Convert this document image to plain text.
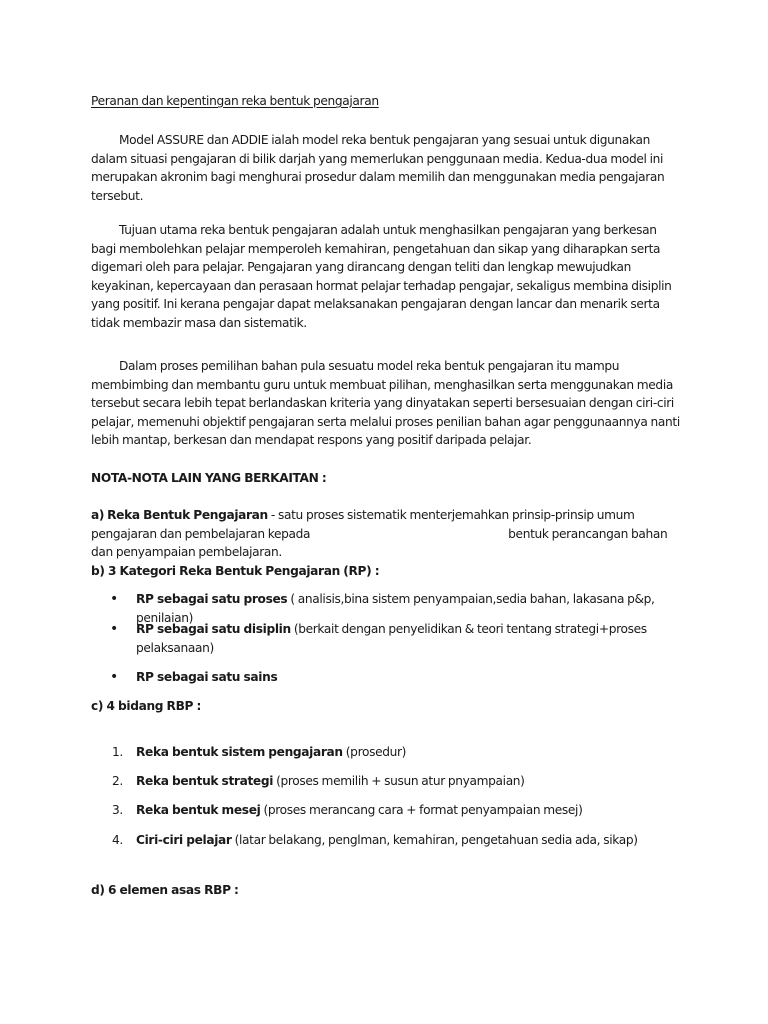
Peranan dan kepentingan reka bentuk pengajaran
Model ASSURE dan ADDIE ialah model reka bentuk pengajaran yang sesuai untuk digunakan dalam situasi pengajaran di bilik darjah yang memerlukan penggunaan media. Kedua-dua model ini merupakan akronim bagi menghurai prosedur dalam memilih dan menggunakan media pengajaran tersebut.
Tujuan utama reka bentuk pengajaran adalah untuk menghasilkan pengajaran yang berkesan bagi membolehkan pelajar memperoleh kemahiran, pengetahuan dan sikap yang diharapkan serta digemari oleh para pelajar. Pengajaran yang dirancang dengan teliti dan lengkap mewujudkan keyakinan, kepercayaan dan perasaan hormat pelajar terhadap pengajar, sekaligus membina disiplin yang positif. Ini kerana pengajar dapat melaksanakan pengajaran dengan lancar dan menarik serta tidak membazir masa dan sistematik.
Dalam proses pemilihan bahan pula sesuatu model reka bentuk pengajaran itu mampu membimbing dan membantu guru untuk membuat pilihan, menghasilkan serta menggunakan media tersebut secara lebih tepat berlandaskan kriteria yang dinyatakan seperti bersesuaian dengan ciri-ciri pelajar, memenuhi objektif pengajaran serta melalui proses penilian bahan agar penggunaannya nanti lebih mantap, berkesan dan mendapat respons yang positif daripada pelajar.
NOTA-NOTA LAIN YANG BERKAITAN :
a) Reka Bentuk Pengajaran - satu proses sistematik menterjemahkan prinsip-prinsip umum pengajaran dan pembelajaran kepada	bentuk perancangan bahan dan penyampaian pembelajaran.
b) 3 Kategori Reka Bentuk Pengajaran (RP) :
•	RP sebagai satu proses ( analisis,bina sistem penyampaian,sedia bahan, lakasana p&p, penilaian)
•	RP sebagai satu disiplin (berkait dengan penyelidikan & teori tentang strategi+proses pelaksanaan)
•	RP sebagai satu sains
c) 4 bidang RBP :
1. Reka bentuk sistem pengajaran (prosedur)
2. Reka bentuk strategi (proses memilih + susun atur pnyampaian)
3. Reka bentuk mesej (proses merancang cara + format penyampaian mesej)
4. Ciri-ciri pelajar (latar belakang, penglman, kemahiran, pengetahuan sedia ada, sikap)
d) 6 elemen asas RBP :
